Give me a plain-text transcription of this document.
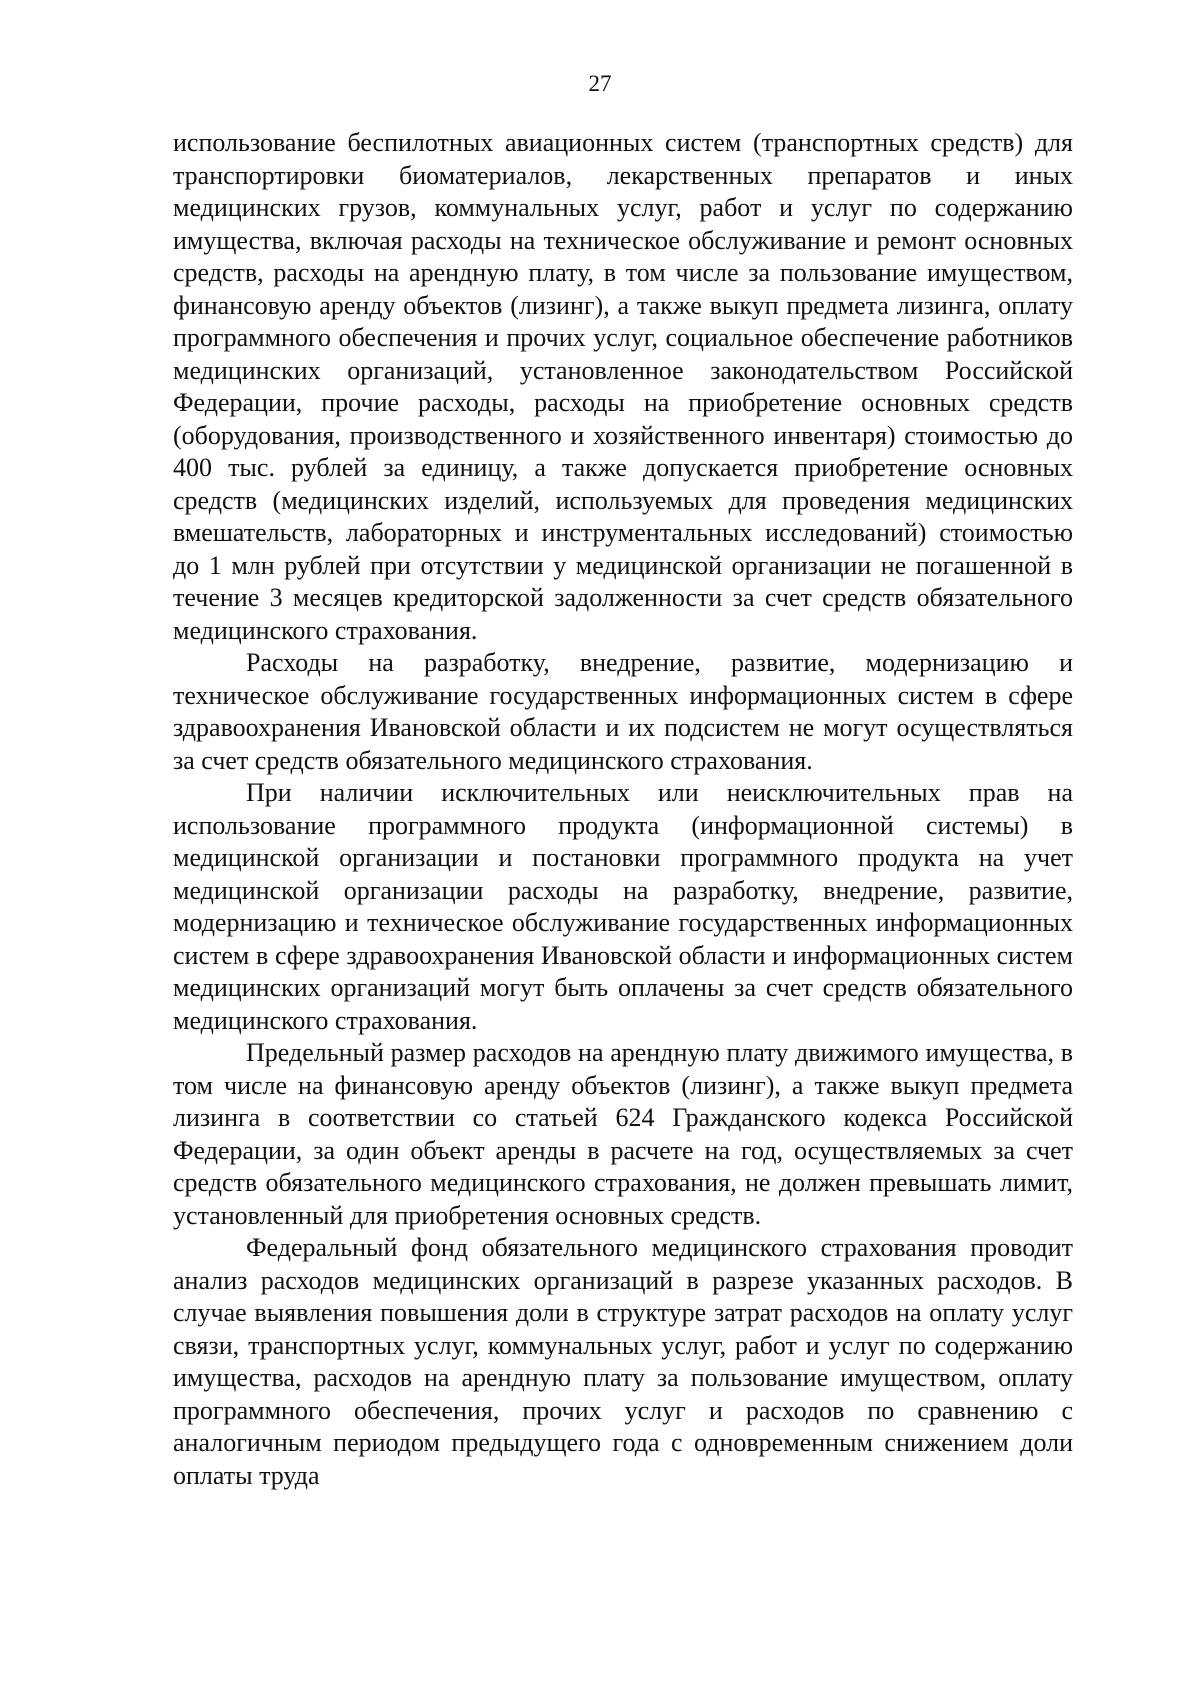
27

использование беспилотных авиационных систем (транспортных средств) для транспортировки биоматериалов, лекарственных препаратов и иных медицинских грузов, коммунальных услуг, работ и услуг по содержанию имущества, включая расходы на техническое обслуживание и ремонт основных средств, расходы на арендную плату, в том числе за пользование имуществом, финансовую аренду объектов (лизинг), а также выкуп предмета лизинга, оплату программного обеспечения и прочих услуг, социальное обеспечение работников медицинских организаций, установленное законодательством Российской Федерации, прочие расходы, расходы на приобретение основных средств (оборудования, производственного и хозяйственного инвентаря) стоимостью до 400 тыс. рублей за единицу, а также допускается приобретение основных средств (медицинских изделий, используемых для проведения медицинских вмешательств, лабораторных и инструментальных исследований) стоимостью до 1 млн рублей при отсутствии у медицинской организации не погашенной в течение 3 месяцев кредиторской задолженности за счет средств обязательного медицинского страхования.

Расходы на разработку, внедрение, развитие, модернизацию и техническое обслуживание государственных информационных систем в сфере здравоохранения Ивановской области и их подсистем не могут осуществляться за счет средств обязательного медицинского страхования.

При наличии исключительных или неисключительных прав на использование программного продукта (информационной системы) в медицинской организации и постановки программного продукта на учет медицинской организации расходы на разработку, внедрение, развитие, модернизацию и техническое обслуживание государственных информационных систем в сфере здравоохранения Ивановской области и информационных систем медицинских организаций могут быть оплачены за счет средств обязательного медицинского страхования.

Предельный размер расходов на арендную плату движимого имущества, в том числе на финансовую аренду объектов (лизинг), а также выкуп предмета лизинга в соответствии со статьей 624 Гражданского кодекса Российской Федерации, за один объект аренды в расчете на год, осуществляемых за счет средств обязательного медицинского страхования, не должен превышать лимит, установленный для приобретения основных средств.

Федеральный фонд обязательного медицинского страхования проводит анализ расходов медицинских организаций в разрезе указанных расходов. В случае выявления повышения доли в структуре затрат расходов на оплату услуг связи, транспортных услуг, коммунальных услуг, работ и услуг по содержанию имущества, расходов на арендную плату за пользование имуществом, оплату программного обеспечения, прочих услуг и расходов по сравнению с аналогичным периодом предыдущего года с одновременным снижением доли оплаты труда
